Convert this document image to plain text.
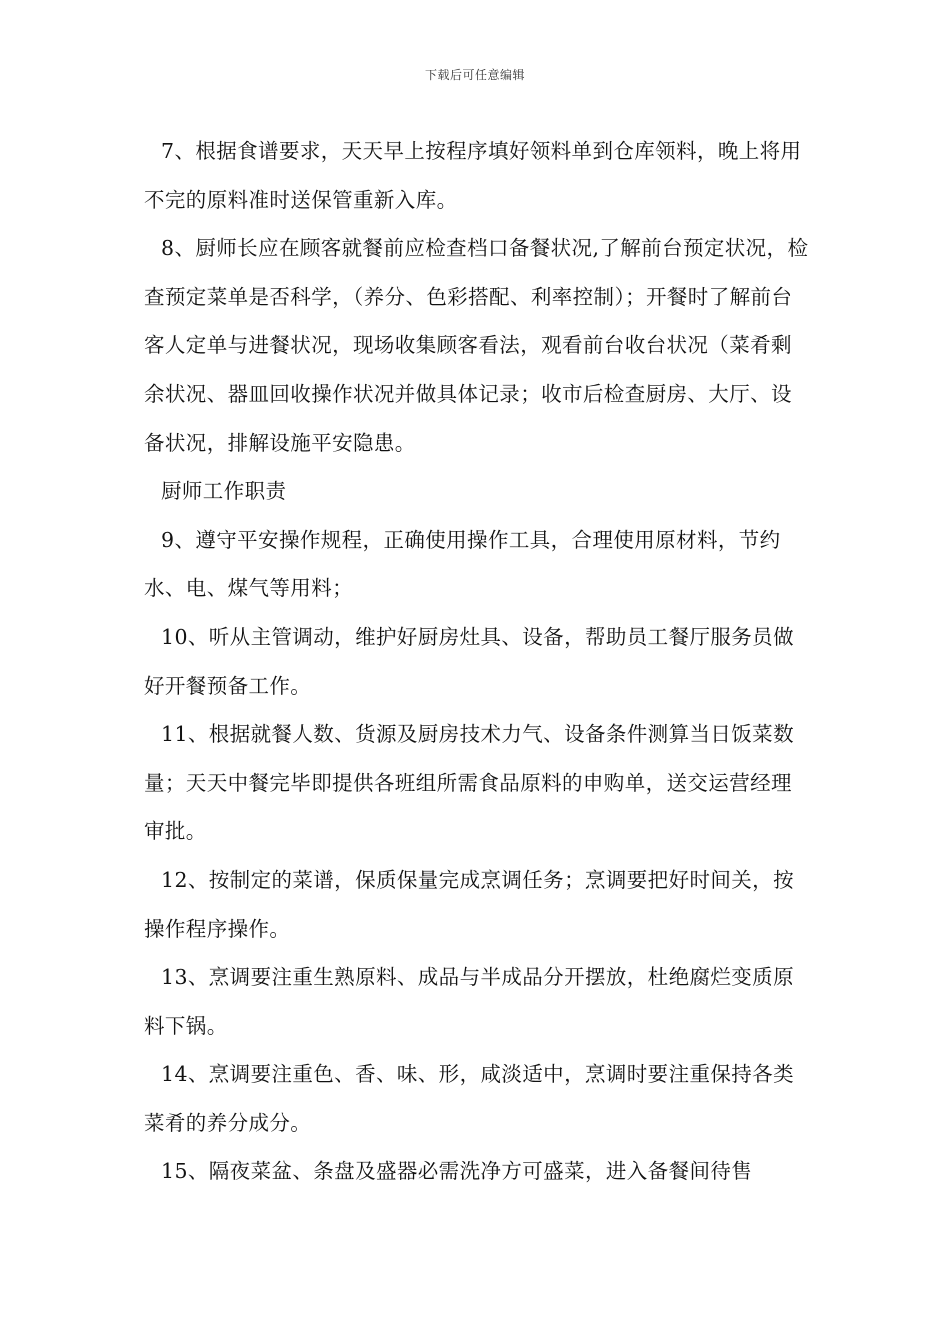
下载后可任意编辑

7、根据食谱要求，天天早上按程序填好领料单到仓库领料，晚上将用不完的原料准时送保管重新入库。

8、厨师长应在顾客就餐前应检查档口备餐状况,了解前台预定状况，检查预定菜单是否科学，（养分、色彩搭配、利率控制）；开餐时了解前台客人定单与进餐状况，现场收集顾客看法，观看前台收台状况（菜肴剩余状况、器皿回收操作状况并做具体记录；收市后检查厨房、大厅、设备状况，排解设施平安隐患。

厨师工作职责

9、遵守平安操作规程，正确使用操作工具，合理使用原材料，节约水、电、煤气等用料；

10、听从主管调动，维护好厨房灶具、设备，帮助员工餐厅服务员做好开餐预备工作。

11、根据就餐人数、货源及厨房技术力气、设备条件测算当日饭菜数量；天天中餐完毕即提供各班组所需食品原料的申购单，送交运营经理审批。

12、按制定的菜谱，保质保量完成烹调任务；烹调要把好时间关，按操作程序操作。

13、烹调要注重生熟原料、成品与半成品分开摆放，杜绝腐烂变质原料下锅。

14、烹调要注重色、香、味、形，咸淡适中，烹调时要注重保持各类菜肴的养分成分。

15、隔夜菜盆、条盘及盛器必需洗净方可盛菜，进入备餐间待售
